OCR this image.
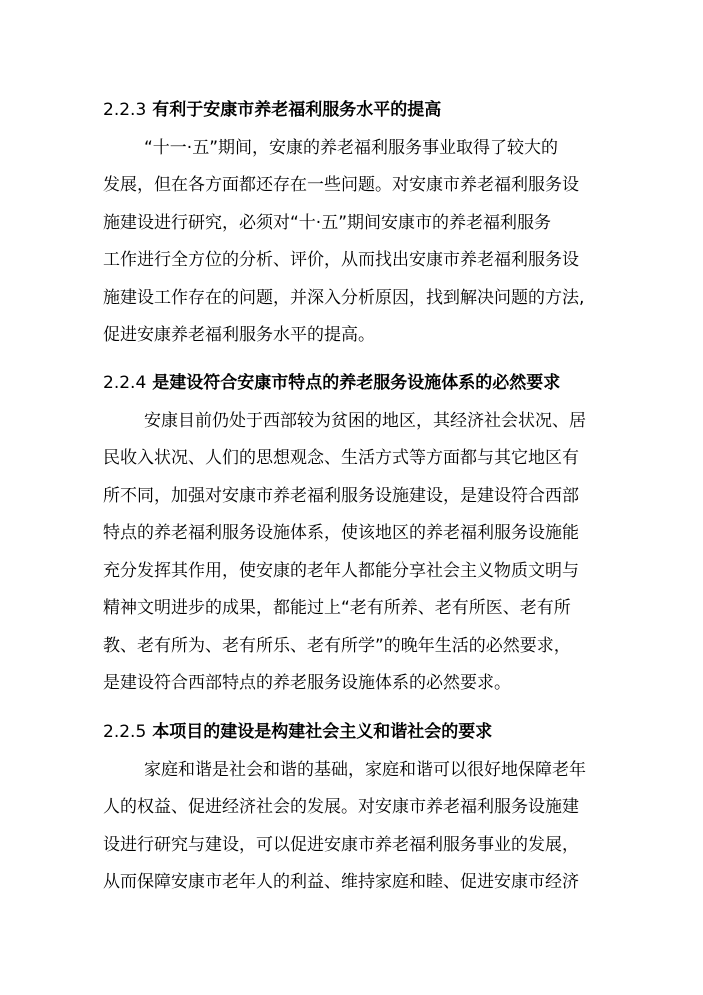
2.2.3 有利于安康市养老福利服务水平的提高
“十一·五”期间，安康的养老福利服务事业取得了较大的
发展，但在各方面都还存在一些问题。对安康市养老福利服务设
施建设进行研究，必须对“十·五”期间安康市的养老福利服务
工作进行全方位的分析、评价，从而找出安康市养老福利服务设
施建设工作存在的问题，并深入分析原因，找到解决问题的方法,
促进安康养老福利服务水平的提高。
2.2.4 是建设符合安康市特点的养老服务设施体系的必然要求
安康目前仍处于西部较为贫困的地区，其经济社会状况、居
民收入状况、人们的思想观念、生活方式等方面都与其它地区有
所不同，加强对安康市养老福利服务设施建设，是建设符合西部
特点的养老福利服务设施体系，使该地区的养老福利服务设施能
充分发挥其作用，使安康的老年人都能分享社会主义物质文明与
精神文明进步的成果，都能过上“老有所养、老有所医、老有所
教、老有所为、老有所乐、老有所学”的晚年生活的必然要求，
是建设符合西部特点的养老服务设施体系的必然要求。
2.2.5 本项目的建设是构建社会主义和谐社会的要求
家庭和谐是社会和谐的基础，家庭和谐可以很好地保障老年
人的权益、促进经济社会的发展。对安康市养老福利服务设施建
设进行研究与建设，可以促进安康市养老福利服务事业的发展，
从而保障安康市老年人的利益、维持家庭和睦、促进安康市经济
